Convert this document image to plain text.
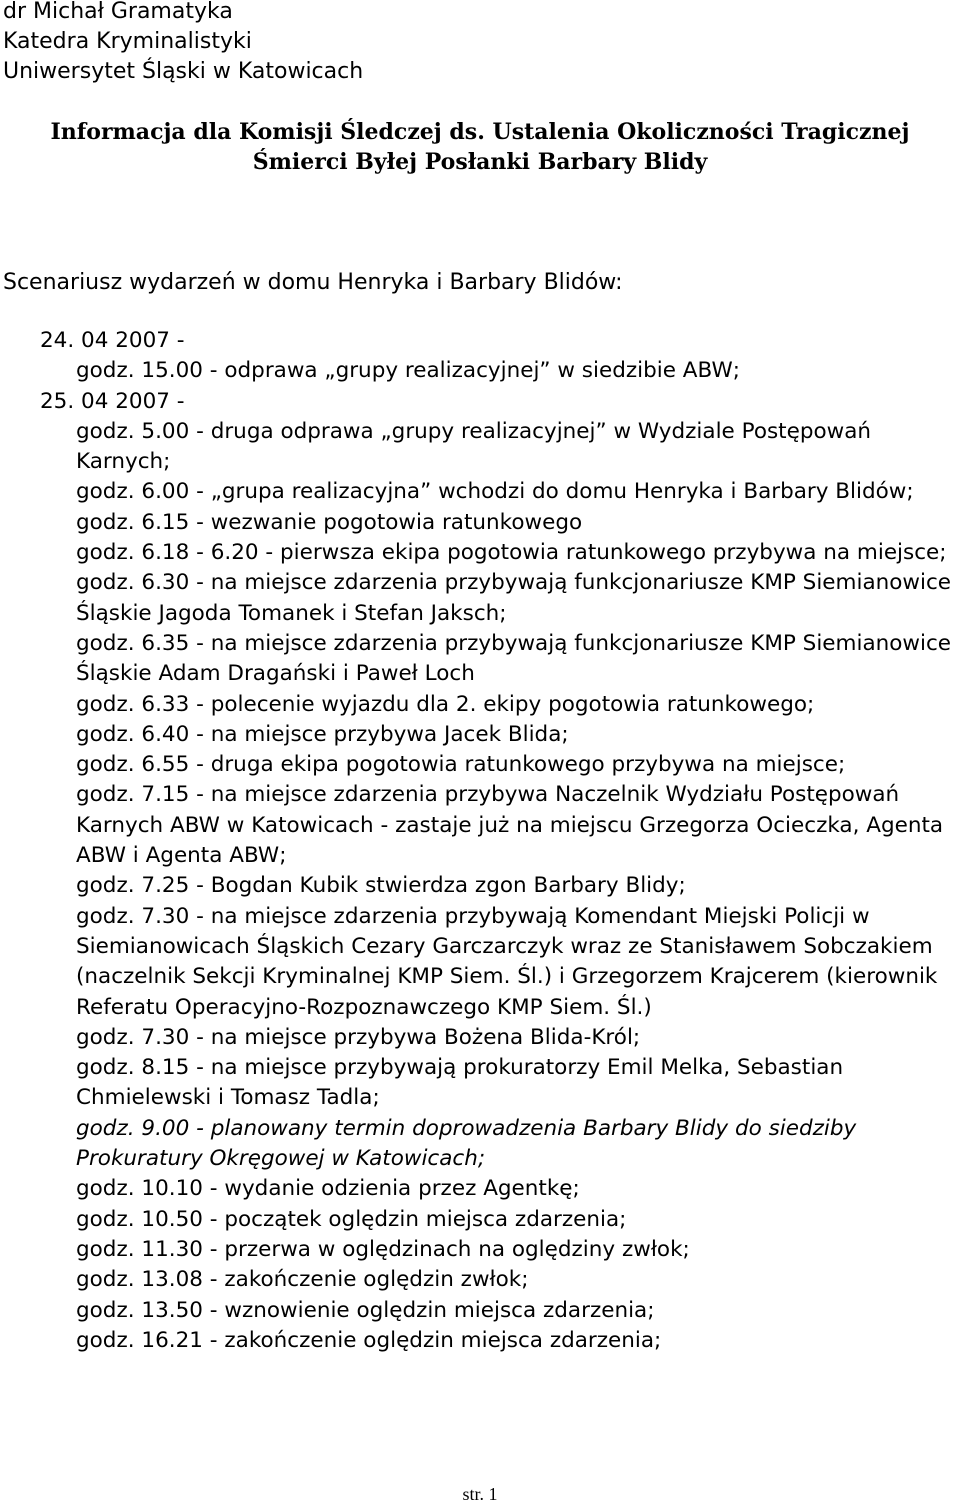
dr Michał Gramatyka
Katedra Kryminalistyki
Uniwersytet Śląski w Katowicach
Informacja dla Komisji Śledczej ds. Ustalenia Okoliczności Tragicznej
Śmierci Byłej Posłanki Barbary Blidy
Scenariusz wydarzeń w domu Henryka i Barbary Blidów:
24. 04 2007 -
godz. 15.00 - odprawa „grupy realizacyjnej” w siedzibie ABW;
25. 04 2007 -
godz. 5.00 - druga odprawa „grupy realizacyjnej” w Wydziale Postępowań Karnych;
godz. 6.00 - „grupa realizacyjna” wchodzi do domu Henryka i Barbary Blidów;
godz. 6.15 - wezwanie pogotowia ratunkowego
godz. 6.18 - 6.20 - pierwsza ekipa pogotowia ratunkowego przybywa na miejsce;
godz. 6.30 - na miejsce zdarzenia przybywają funkcjonariusze KMP Siemianowice Śląskie Jagoda Tomanek i Stefan Jaksch;
godz. 6.35 - na miejsce zdarzenia przybywają funkcjonariusze KMP Siemianowice Śląskie Adam Dragański i Paweł Loch
godz. 6.33 - polecenie wyjazdu dla 2. ekipy pogotowia ratunkowego;
godz. 6.40 - na miejsce przybywa Jacek Blida;
godz. 6.55 - druga ekipa pogotowia ratunkowego przybywa na miejsce;
godz. 7.15 - na miejsce zdarzenia przybywa Naczelnik Wydziału Postępowań Karnych ABW w Katowicach - zastaje już na miejscu Grzegorza Ocieczka, Agenta ABW i Agenta ABW;
godz. 7.25 - Bogdan Kubik stwierdza zgon Barbary Blidy;
godz. 7.30 - na miejsce zdarzenia przybywają Komendant Miejski Policji w Siemianowicach Śląskich Cezary Garczarczyk wraz ze Stanisławem Sobczakiem (naczelnik Sekcji Kryminalnej KMP Siem. Śl.) i Grzegorzem Krajcerem (kierownik Referatu Operacyjno-Rozpoznawczego KMP Siem. Śl.)
godz. 7.30 - na miejsce przybywa Bożena Blida-Król;
godz. 8.15 - na miejsce przybywają prokuratorzy Emil Melka, Sebastian Chmielewski i Tomasz Tadla;
godz. 9.00 - planowany termin doprowadzenia Barbary Blidy do siedziby Prokuratury Okręgowej w Katowicach;
godz. 10.10 - wydanie odzienia przez Agentkę;
godz. 10.50 - początek oględzin miejsca zdarzenia;
godz. 11.30 - przerwa w oględzinach na oględziny zwłok;
godz. 13.08 - zakończenie oględzin zwłok;
godz. 13.50 - wznowienie oględzin miejsca zdarzenia;
godz. 16.21 - zakończenie oględzin miejsca zdarzenia;
str. 1
